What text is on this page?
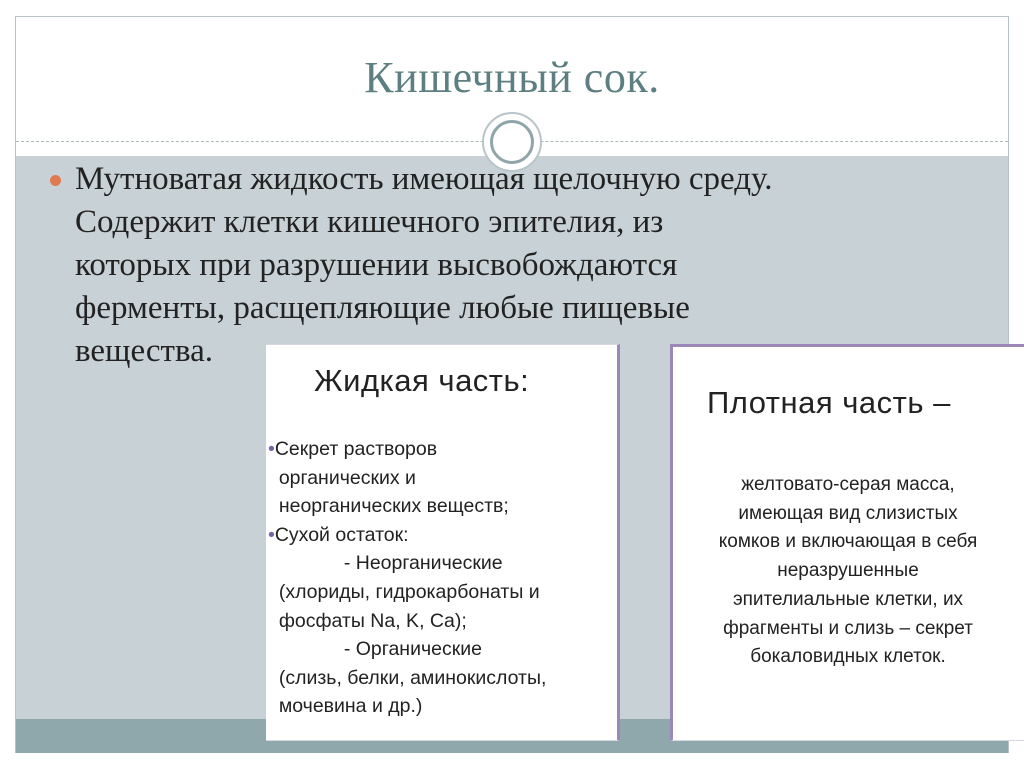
Кишечный сок.
Мутноватая жидкость имеющая щелочную среду.
Содержит клетки кишечного эпителия, из
которых при разрушении высвобождаются
ферменты, расщепляющие любые пищевые
вещества.
Жидкая часть:
•Секрет растворов
органических и
неорганических веществ;
•Сухой остаток:
- Неорганические
(хлориды, гидрокарбонаты и
фосфаты Na, K, Ca);
- Органические
(слизь, белки, аминокислоты,
мочевина и др.)
Плотная часть –
желтовато-серая масса,
имеющая вид слизистых
комков и включающая в себя
неразрушенные
эпителиальные клетки, их
фрагменты и слизь – секрет
бокаловидных клеток.
